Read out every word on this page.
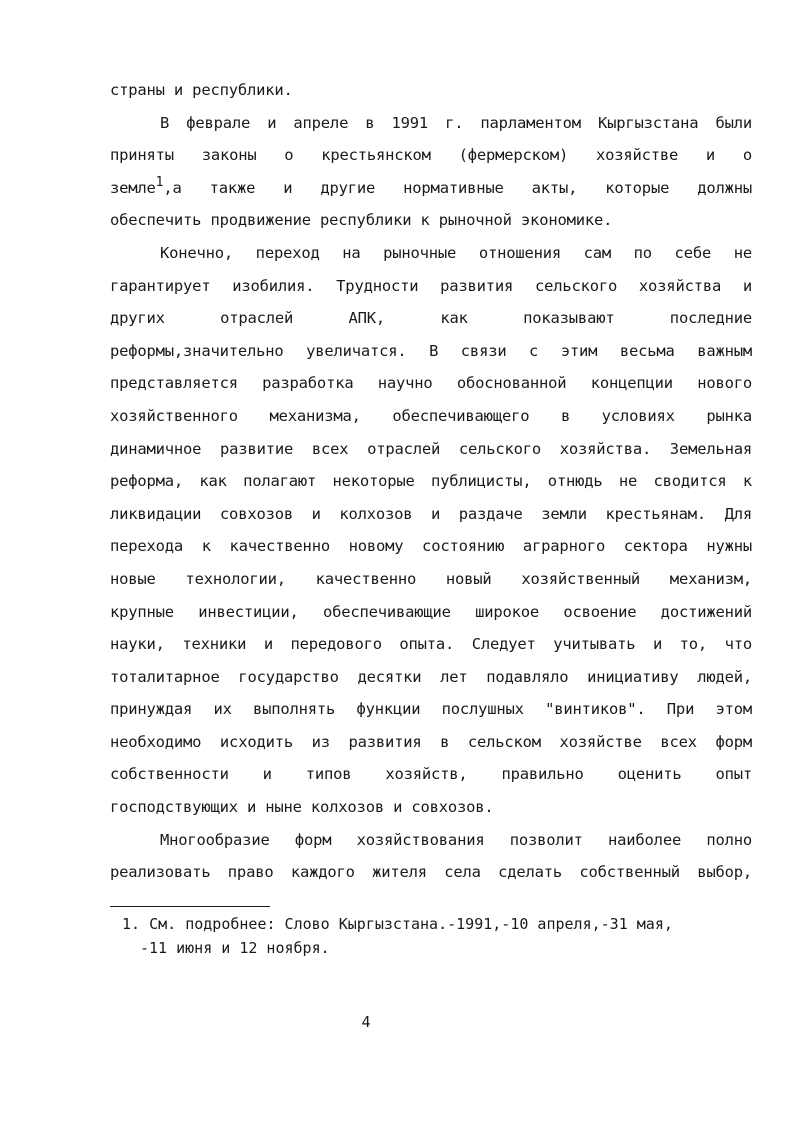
страны и республики.
В феврале и апреле в 1991 г. парламентом Кыргызстана были
приняты законы о крестьянском (фермерском) хозяйстве и о
земле$^1$,а также и другие нормативные акты, которые должны
обеспечить продвижение республики к рыночной экономике.
Конечно, переход на рыночные отношения сам по себе не
гарантирует изобилия. Трудности развития сельского хозяйства и
других отраслей АПК, как показывают последние
реформы,значительно увеличатся. В связи с этим весьма важным
представляется разработка научно обоснованной концепции нового
хозяйственного механизма, обеспечивающего в условиях рынка
динамичное развитие всех отраслей сельского хозяйства. Земельная
реформа, как полагают некоторые публицисты, отнюдь не сводится к
ликвидации совхозов и колхозов и раздаче земли крестьянам. Для
перехода к качественно новому состоянию аграрного сектора нужны
новые технологии, качественно новый хозяйственный механизм,
крупные инвестиции, обеспечивающие широкое освоение достижений
науки, техники и передового опыта. Следует учитывать и то, что
тоталитарное государство десятки лет подавляло инициативу людей,
принуждая их выполнять функции послушных "винтиков". При этом
необходимо исходить из развития в сельском хозяйстве всех форм
собственности и типов хозяйств, правильно оценить опыт
господствующих и ныне колхозов и совхозов.
Многообразие форм хозяйствования позволит наиболее полно
реализовать право каждого жителя села сделать собственный выбор,
1. См. подробнее: Слово Кыргызстана.-1991,-10 апреля,-31 мая,
-11 июня и 12 ноября.
4
